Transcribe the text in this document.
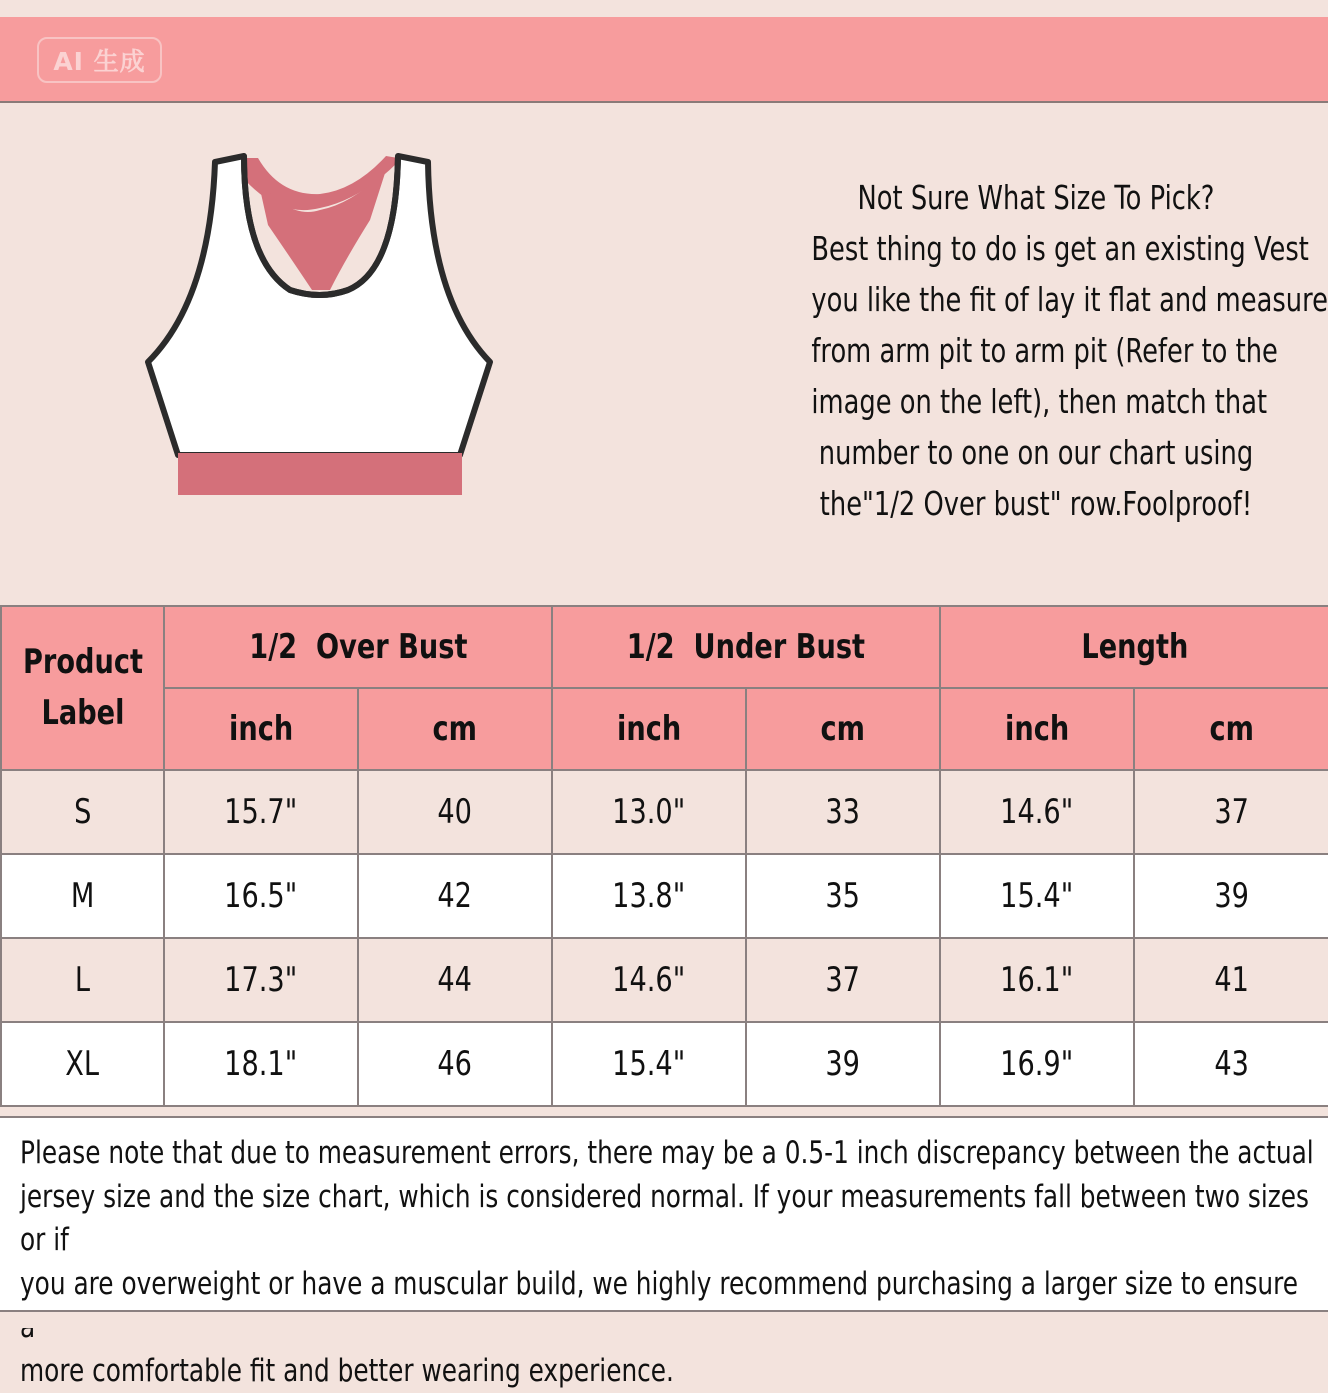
AI 生成
Not Sure What Size To Pick?
Best thing to do is get an existing Vest
you like the fit of lay it flat and measure
from arm pit to arm pit (Refer to the
image on the left), then match that
number to one on our chart using
the"1/2 Over bust" row.Foolproof!
Product
Label	1/2  Over Bust		1/2  Under Bust		Length	
	inch	cm	inch	cm	inch	cm
S	15.7"	40	13.0"	33	14.6"	37
M	16.5"	42	13.8"	35	15.4"	39
L	17.3"	44	14.6"	37	16.1"	41
XL	18.1"	46	15.4"	39	16.9"	43
Please note that due to measurement errors, there may be a 0.5-1 inch discrepancy between the actual
jersey size and the size chart, which is considered normal. If your measurements fall between two sizes or if
you are overweight or have a muscular build, we highly recommend purchasing a larger size to ensure
more comfortable fit and better wearing experience.
